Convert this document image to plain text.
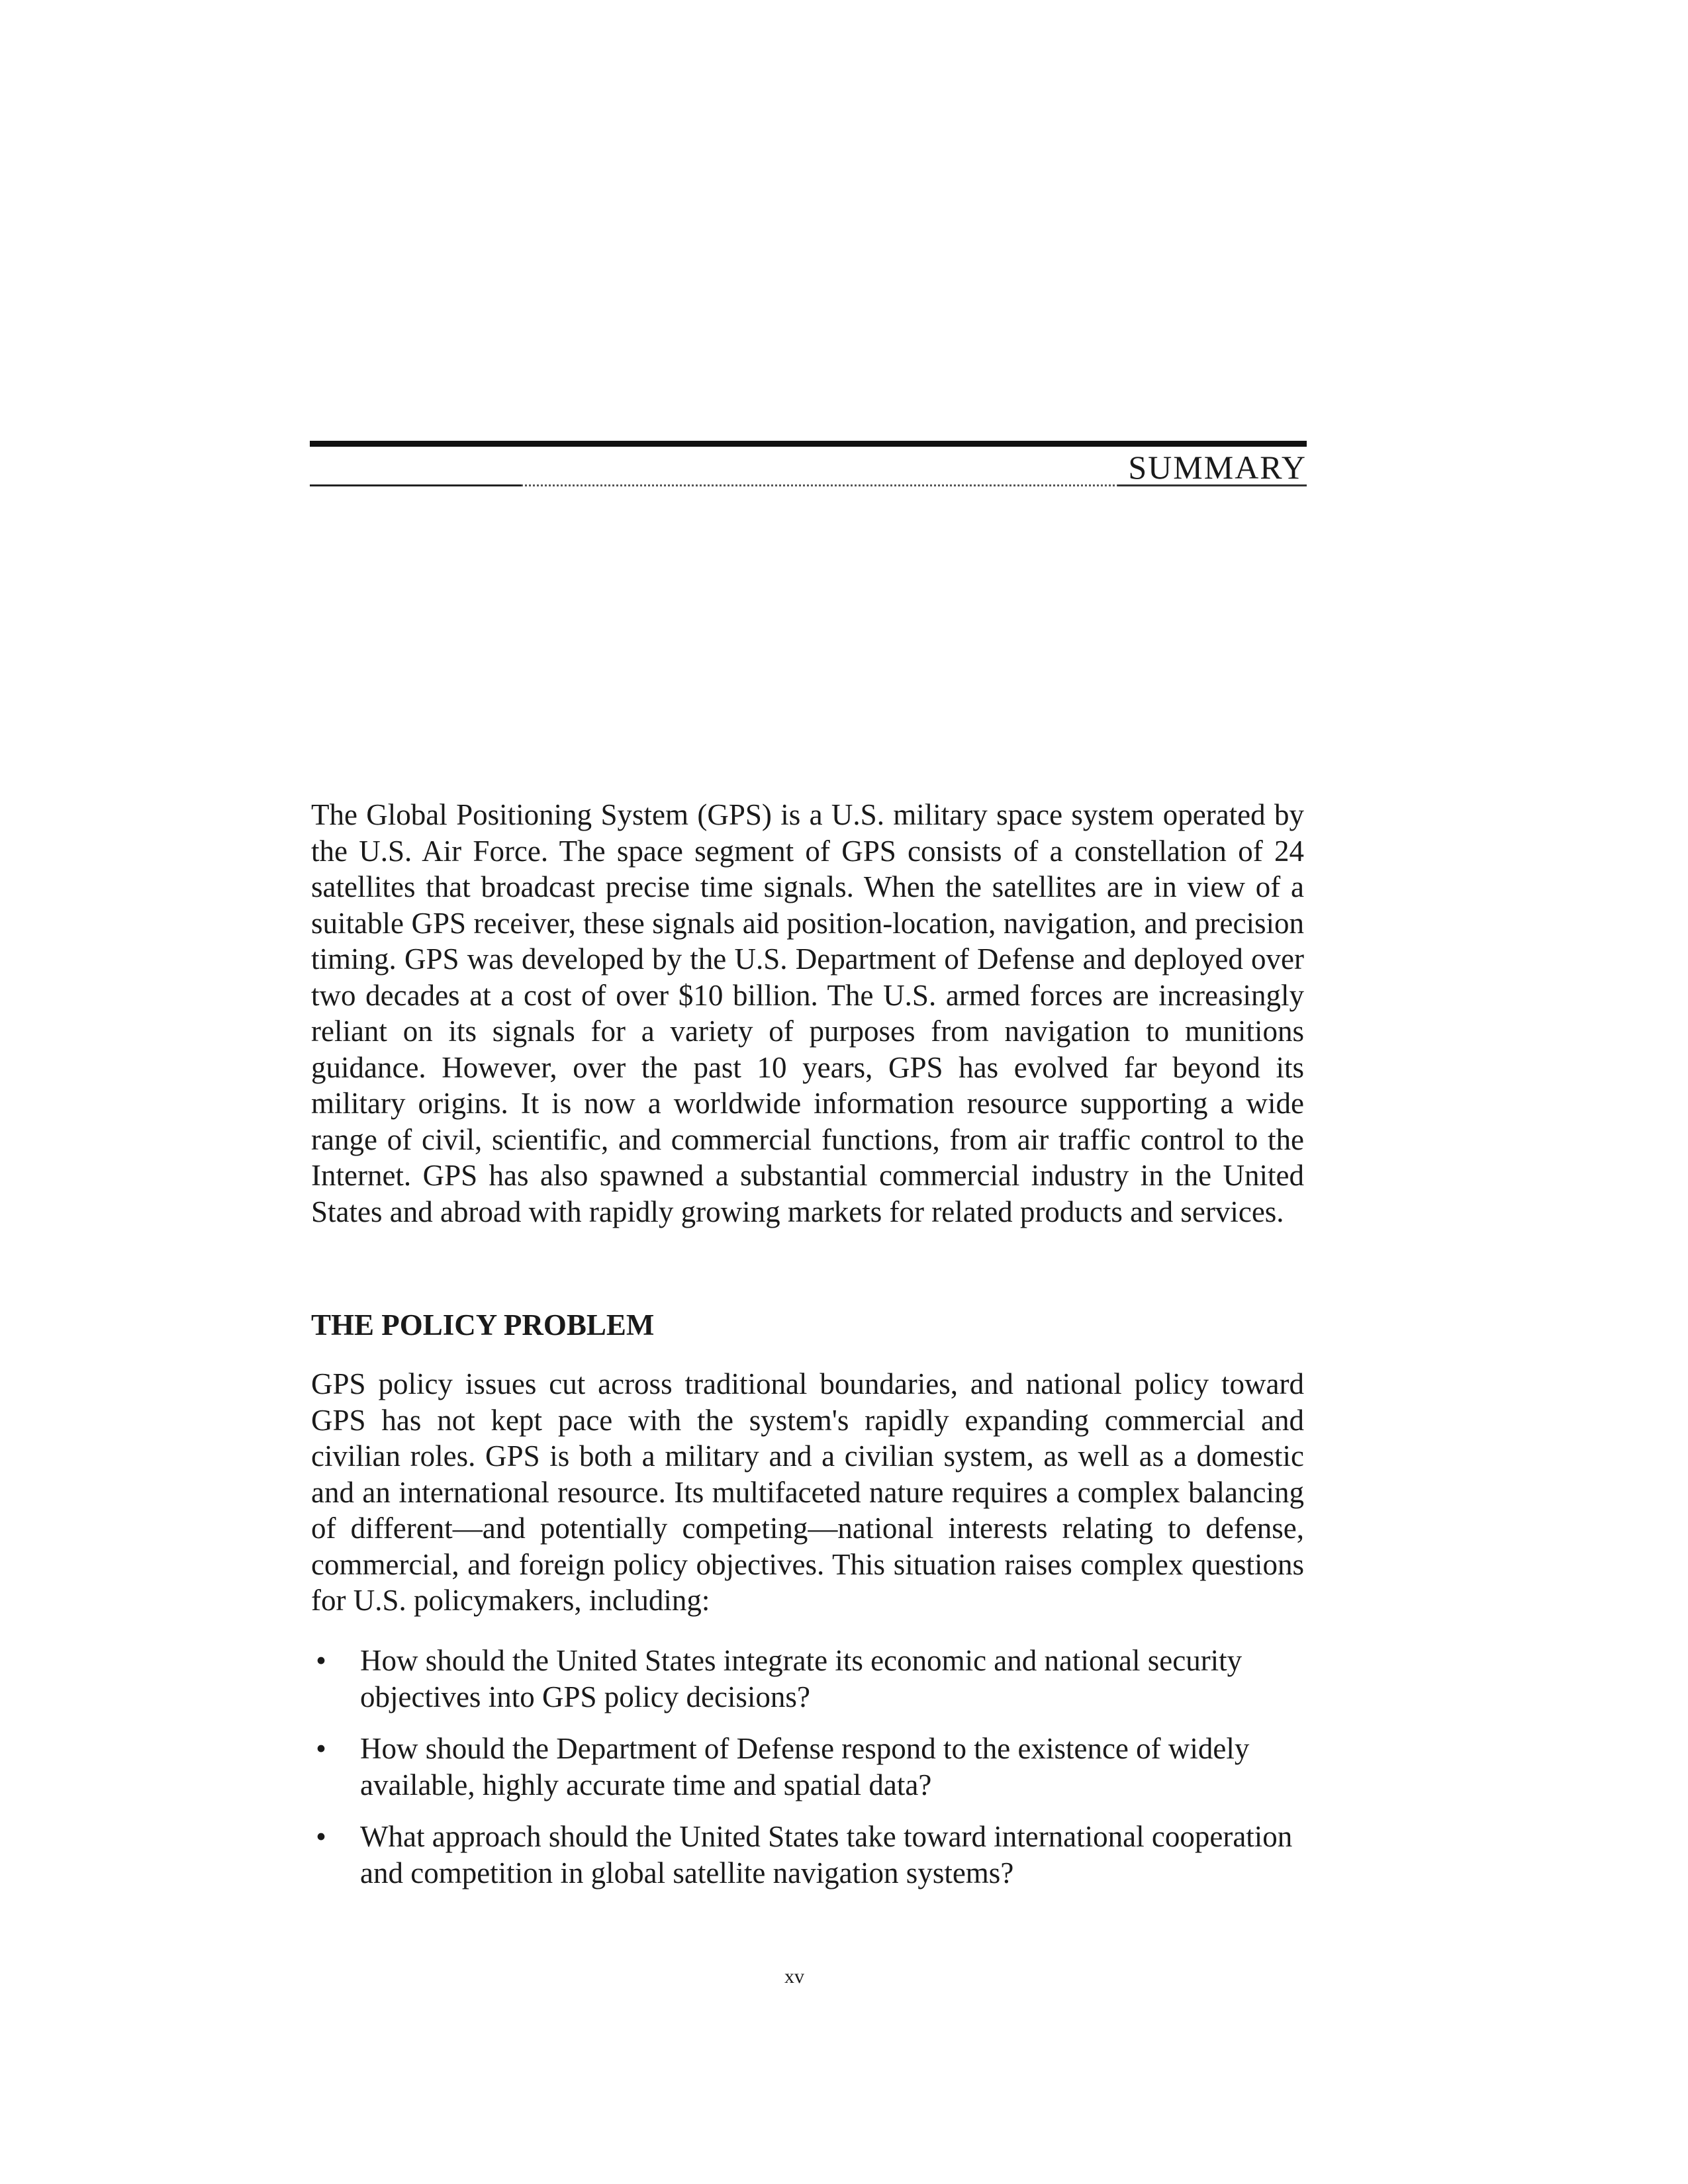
SUMMARY

The Global Positioning System (GPS) is a U.S. military space system operated by the U.S. Air Force. The space segment of GPS consists of a constellation of 24 satellites that broadcast precise time signals. When the satellites are in view of a suitable GPS receiver, these signals aid position-location, navigation, and precision timing. GPS was developed by the U.S. Department of Defense and deployed over two decades at a cost of over $10 billion. The U.S. armed forces are increasingly reliant on its signals for a variety of purposes from navigation to munitions guidance. However, over the past 10 years, GPS has evolved far beyond its military origins. It is now a worldwide information resource supporting a wide range of civil, scientific, and commercial functions, from air traffic control to the Internet. GPS has also spawned a substantial commercial industry in the United States and abroad with rapidly growing markets for related products and services.

THE POLICY PROBLEM

GPS policy issues cut across traditional boundaries, and national policy toward GPS has not kept pace with the system's rapidly expanding commercial and civilian roles. GPS is both a military and a civilian system, as well as a domestic and an international resource. Its multifaceted nature requires a complex balancing of different—and potentially competing—national interests relating to defense, commercial, and foreign policy objectives. This situation raises complex questions for U.S. policymakers, including:

• How should the United States integrate its economic and national security objectives into GPS policy decisions?
• How should the Department of Defense respond to the existence of widely available, highly accurate time and spatial data?
• What approach should the United States take toward international cooperation and competition in global satellite navigation systems?

xv
